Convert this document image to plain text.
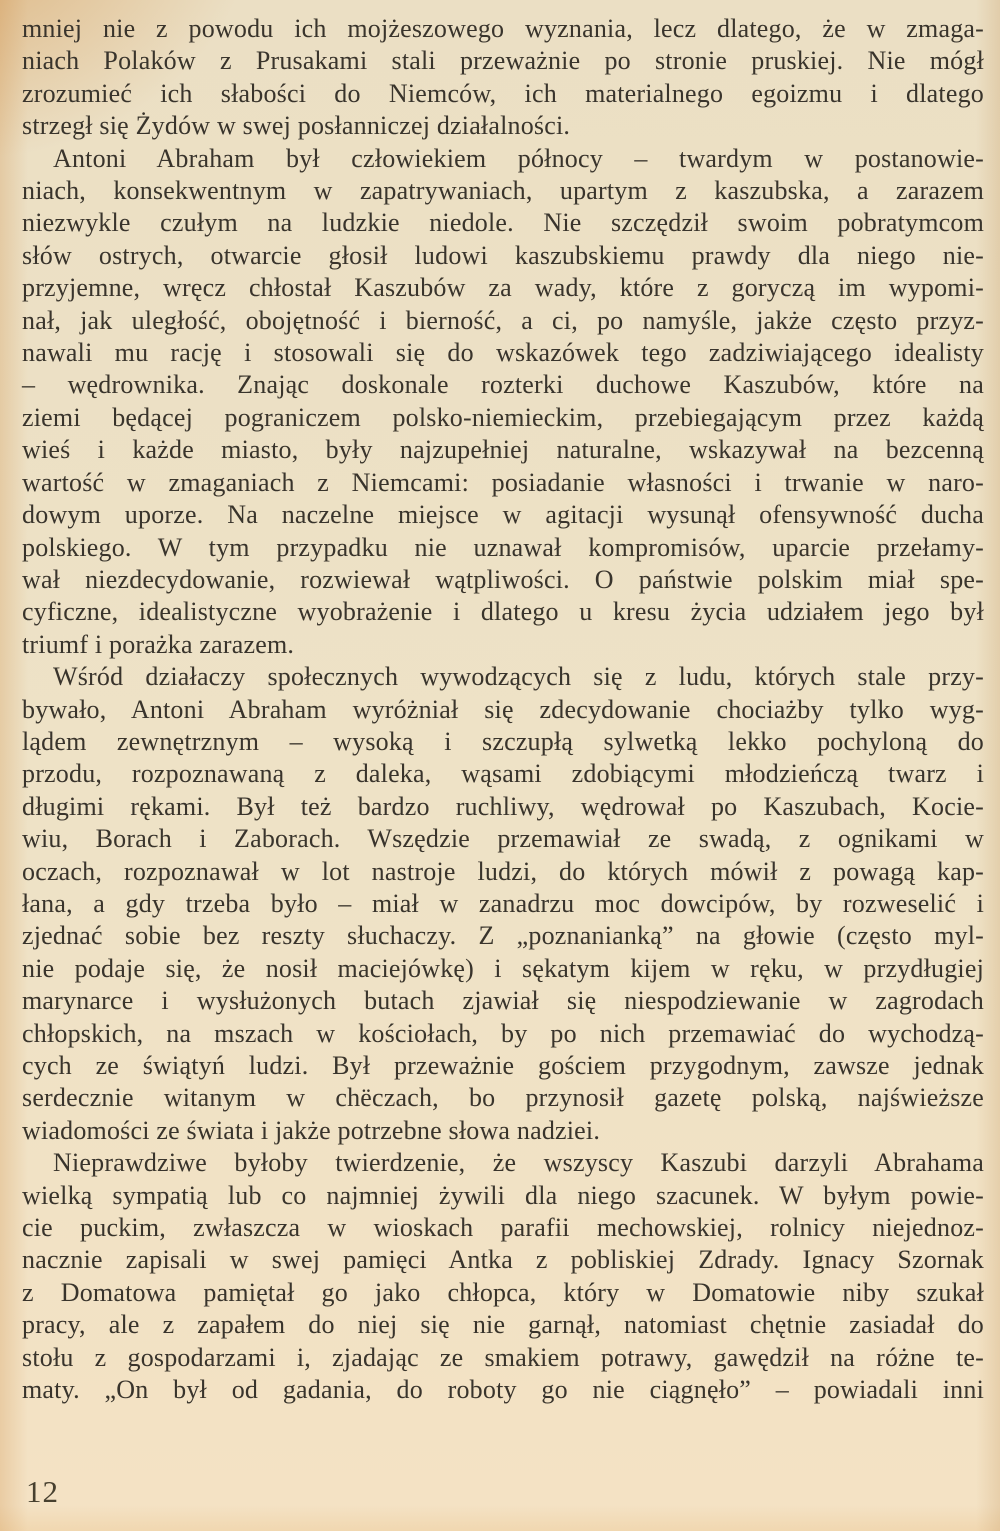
mniej nie z powodu ich mojżeszowego wyznania, lecz dlatego, że w zmaga-
niach Polaków z Prusakami stali przeważnie po stronie pruskiej. Nie mógł
zrozumieć ich słabości do Niemców, ich materialnego egoizmu i dlatego
strzegł się Żydów w swej posłanniczej działalności.
Antoni Abraham był człowiekiem północy – twardym w postanowie-
niach, konsekwentnym w zapatrywaniach, upartym z kaszubska, a zarazem
niezwykle czułym na ludzkie niedole. Nie szczędził swoim pobratymcom
słów ostrych, otwarcie głosił ludowi kaszubskiemu prawdy dla niego nie-
przyjemne, wręcz chłostał Kaszubów za wady, które z goryczą im wypomi-
nał, jak uległość, obojętność i bierność, a ci, po namyśle, jakże często przyz-
nawali mu rację i stosowali się do wskazówek tego zadziwiającego idealisty
– wędrownika. Znając doskonale rozterki duchowe Kaszubów, które na
ziemi będącej pograniczem polsko-niemieckim, przebiegającym przez każdą
wieś i każde miasto, były najzupełniej naturalne, wskazywał na bezcenną
wartość w zmaganiach z Niemcami: posiadanie własności i trwanie w naro-
dowym uporze. Na naczelne miejsce w agitacji wysunął ofensywność ducha
polskiego. W tym przypadku nie uznawał kompromisów, uparcie przełamy-
wał niezdecydowanie, rozwiewał wątpliwości. O państwie polskim miał spe-
cyficzne, idealistyczne wyobrażenie i dlatego u kresu życia udziałem jego był
triumf i porażka zarazem.
Wśród działaczy społecznych wywodzących się z ludu, których stale przy-
bywało, Antoni Abraham wyróżniał się zdecydowanie chociażby tylko wyg-
lądem zewnętrznym – wysoką i szczupłą sylwetką lekko pochyloną do
przodu, rozpoznawaną z daleka, wąsami zdobiącymi młodzieńczą twarz i
długimi rękami. Był też bardzo ruchliwy, wędrował po Kaszubach, Kocie-
wiu, Borach i Zaborach. Wszędzie przemawiał ze swadą, z ognikami w
oczach, rozpoznawał w lot nastroje ludzi, do których mówił z powagą kap-
łana, a gdy trzeba było – miał w zanadrzu moc dowcipów, by rozweselić i
zjednać sobie bez reszty słuchaczy. Z „poznanianką” na głowie (często myl-
nie podaje się, że nosił maciejówkę) i sękatym kijem w ręku, w przydługiej
marynarce i wysłużonych butach zjawiał się niespodziewanie w zagrodach
chłopskich, na mszach w kościołach, by po nich przemawiać do wychodzą-
cych ze świątyń ludzi. Był przeważnie gościem przygodnym, zawsze jednak
serdecznie witanym w chëczach, bo przynosił gazetę polską, najświeższe
wiadomości ze świata i jakże potrzebne słowa nadziei.
Nieprawdziwe byłoby twierdzenie, że wszyscy Kaszubi darzyli Abrahama
wielką sympatią lub co najmniej żywili dla niego szacunek. W byłym powie-
cie puckim, zwłaszcza w wioskach parafii mechowskiej, rolnicy niejednoz-
nacznie zapisali w swej pamięci Antka z pobliskiej Zdrady. Ignacy Szornak
z Domatowa pamiętał go jako chłopca, który w Domatowie niby szukał
pracy, ale z zapałem do niej się nie garnął, natomiast chętnie zasiadał do
stołu z gospodarzami i, zjadając ze smakiem potrawy, gawędził na różne te-
maty. „On był od gadania, do roboty go nie ciągnęło” – powiadali inni
12
